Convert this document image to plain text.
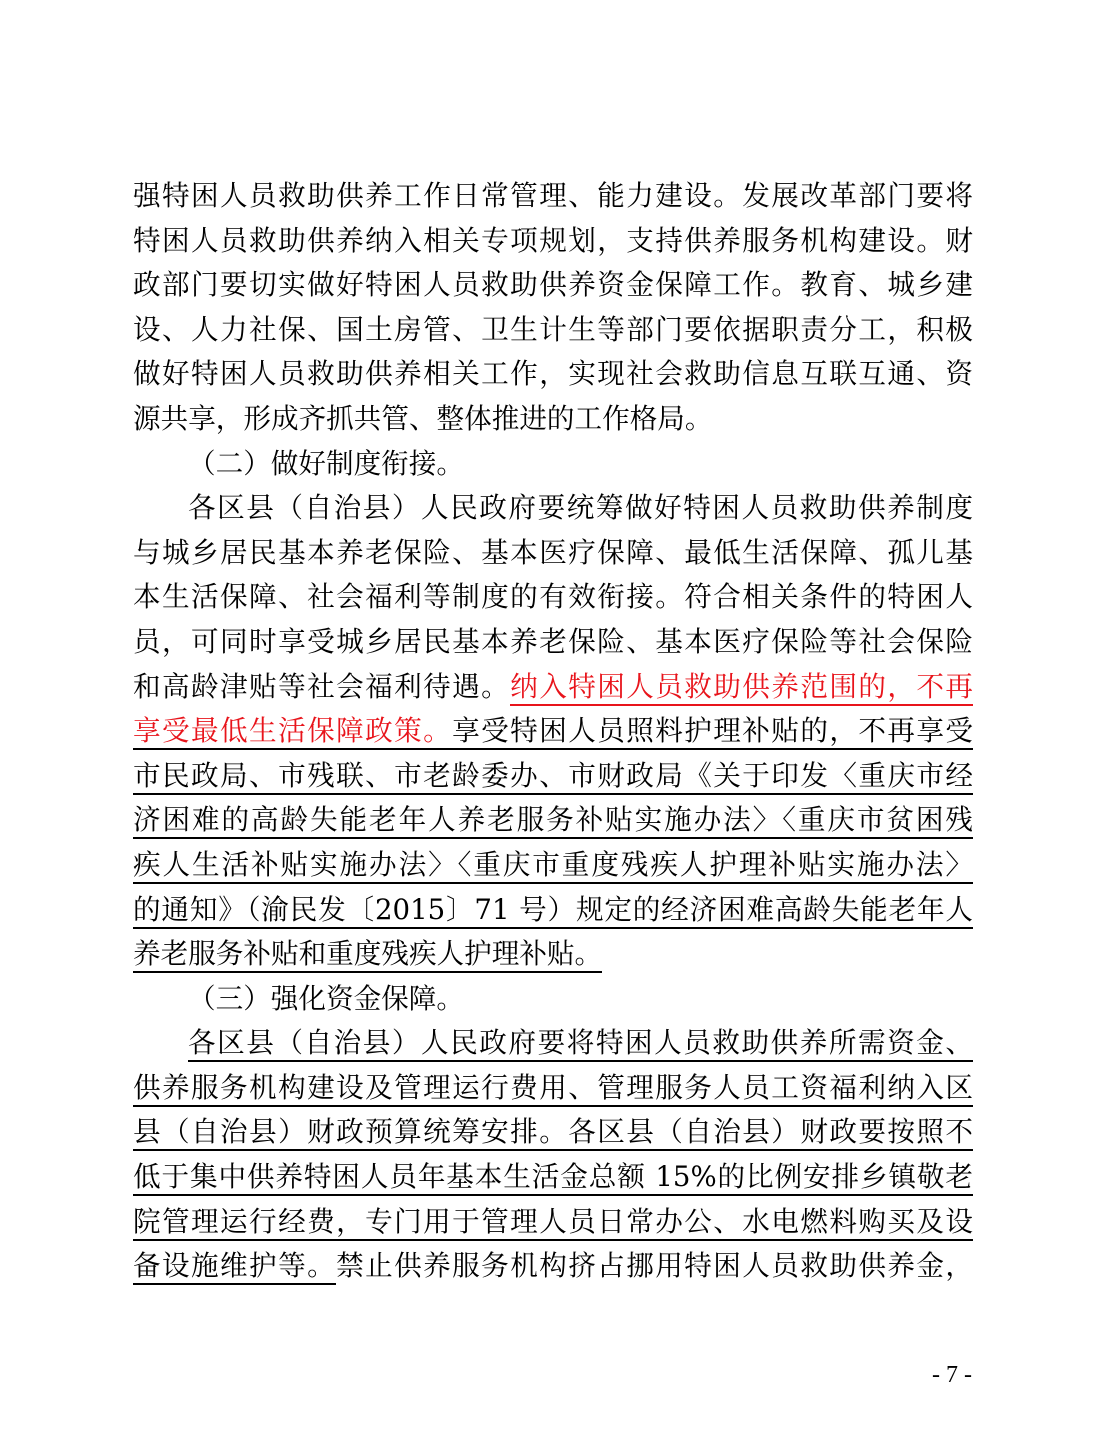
强特困人员救助供养工作日常管理、能力建设。发展改革部门要将
特困人员救助供养纳入相关专项规划，支持供养服务机构建设。财
政部门要切实做好特困人员救助供养资金保障工作。教育、城乡建
设、人力社保、国土房管、卫生计生等部门要依据职责分工，积极
做好特困人员救助供养相关工作，实现社会救助信息互联互通、资
源共享，形成齐抓共管、整体推进的工作格局。
（二）做好制度衔接。
各区县（自治县）人民政府要统筹做好特困人员救助供养制度
与城乡居民基本养老保险、基本医疗保障、最低生活保障、孤儿基
本生活保障、社会福利等制度的有效衔接。符合相关条件的特困人
员，可同时享受城乡居民基本养老保险、基本医疗保险等社会保险
和高龄津贴等社会福利待遇。纳入特困人员救助供养范围的，不再
享受最低生活保障政策。享受特困人员照料护理补贴的，不再享受
市民政局、市残联、市老龄委办、市财政局《关于印发〈重庆市经
济困难的高龄失能老年人养老服务补贴实施办法〉〈重庆市贫困残
疾人生活补贴实施办法〉〈重庆市重度残疾人护理补贴实施办法〉
的通知》（渝民发〔2015〕71 号）规定的经济困难高龄失能老年人
养老服务补贴和重度残疾人护理补贴。
（三）强化资金保障。
各区县（自治县）人民政府要将特困人员救助供养所需资金、
供养服务机构建设及管理运行费用、管理服务人员工资福利纳入区
县（自治县）财政预算统筹安排。各区县（自治县）财政要按照不
低于集中供养特困人员年基本生活金总额 15%的比例安排乡镇敬老
院管理运行经费，专门用于管理人员日常办公、水电燃料购买及设
备设施维护等。禁止供养服务机构挤占挪用特困人员救助供养金，
- 7 -
